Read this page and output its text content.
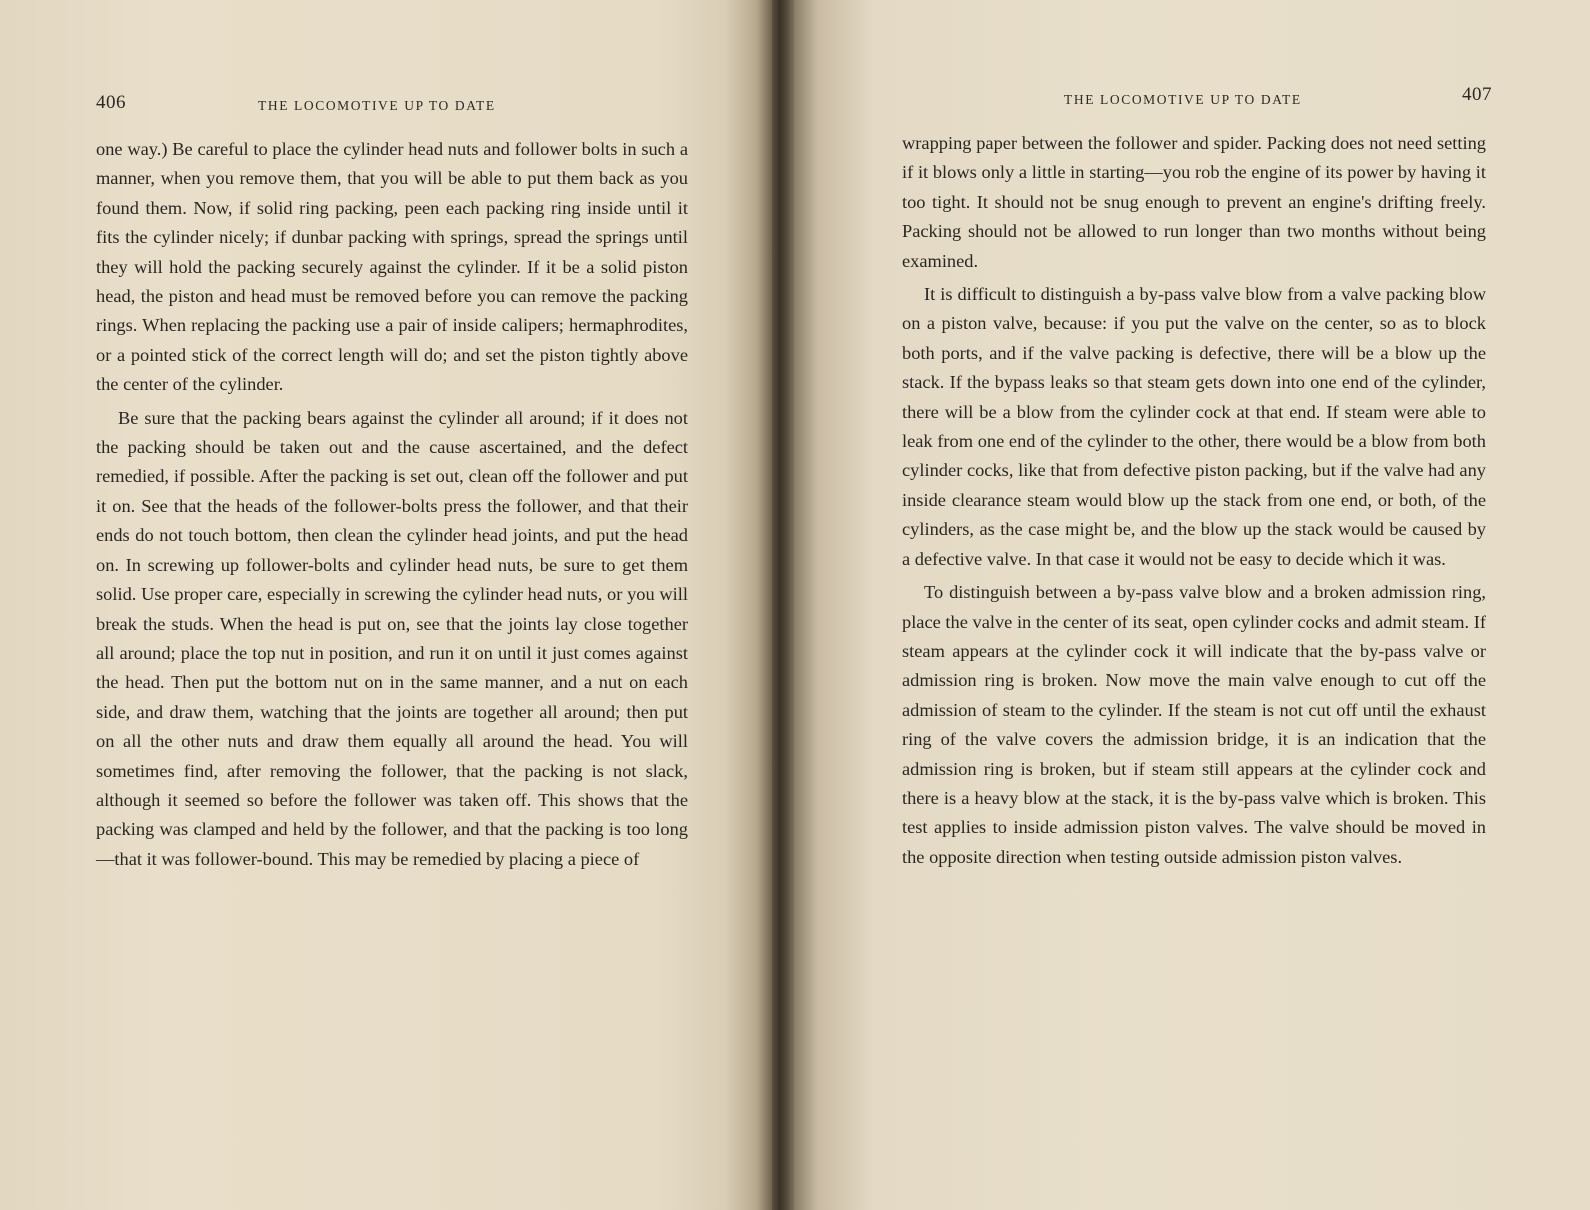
406	THE LOCOMOTIVE UP TO DATE

one way.) Be careful to place the cylinder head nuts and follower bolts in such a manner, when you remove them, that you will be able to put them back as you found them. Now, if solid ring packing, peen each packing ring inside until it fits the cylinder nicely; if dunbar packing with springs, spread the springs until they will hold the packing securely against the cylinder. If it be a solid piston head, the piston and head must be removed before you can remove the packing rings. When replacing the packing use a pair of inside calipers; hermaphrodites, or a pointed stick of the correct length will do; and set the piston tightly above the center of the cylinder.

Be sure that the packing bears against the cylinder all around; if it does not the packing should be taken out and the cause ascertained, and the defect remedied, if possible. After the packing is set out, clean off the follower and put it on. See that the heads of the follower-bolts press the follower, and that their ends do not touch bottom, then clean the cylinder head joints, and put the head on. In screwing up follower-bolts and cylinder head nuts, be sure to get them solid. Use proper care, especially in screwing the cylinder head nuts, or you will break the studs. When the head is put on, see that the joints lay close together all around; place the top nut in position, and run it on until it just comes against the head. Then put the bottom nut on in the same manner, and a nut on each side, and draw them, watching that the joints are together all around; then put on all the other nuts and draw them equally all around the head. You will sometimes find, after removing the follower, that the packing is not slack, although it seemed so before the follower was taken off. This shows that the packing was clamped and held by the follower, and that the packing is too long—that it was follower-bound. This may be remedied by placing a piece of

THE LOCOMOTIVE UP TO DATE	407

wrapping paper between the follower and spider. Packing does not need setting if it blows only a little in starting—you rob the engine of its power by having it too tight. It should not be snug enough to prevent an engine's drifting freely. Packing should not be allowed to run longer than two months without being examined.

It is difficult to distinguish a by-pass valve blow from a valve packing blow on a piston valve, because: if you put the valve on the center, so as to block both ports, and if the valve packing is defective, there will be a blow up the stack. If the bypass leaks so that steam gets down into one end of the cylinder, there will be a blow from the cylinder cock at that end. If steam were able to leak from one end of the cylinder to the other, there would be a blow from both cylinder cocks, like that from defective piston packing, but if the valve had any inside clearance steam would blow up the stack from one end, or both, of the cylinders, as the case might be, and the blow up the stack would be caused by a defective valve. In that case it would not be easy to decide which it was.

To distinguish between a by-pass valve blow and a broken admission ring, place the valve in the center of its seat, open cylinder cocks and admit steam. If steam appears at the cylinder cock it will indicate that the by-pass valve or admission ring is broken. Now move the main valve enough to cut off the admission of steam to the cylinder. If the steam is not cut off until the exhaust ring of the valve covers the admission bridge, it is an indication that the admission ring is broken, but if steam still appears at the cylinder cock and there is a heavy blow at the stack, it is the by-pass valve which is broken. This test applies to inside admission piston valves. The valve should be moved in the opposite direction when testing outside admission piston valves.
